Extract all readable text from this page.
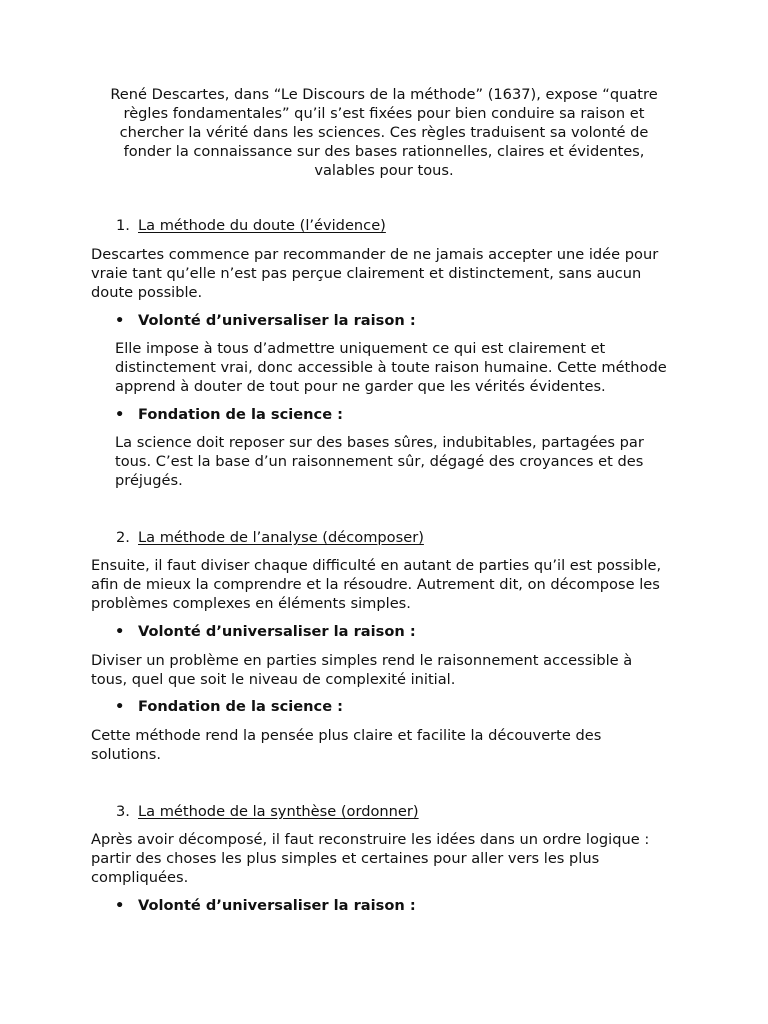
René Descartes, dans “Le Discours de la méthode” (1637), expose “quatre
règles fondamentales” qu’il s’est fixées pour bien conduire sa raison et
chercher la vérité dans les sciences. Ces règles traduisent sa volonté de
fonder la connaissance sur des bases rationnelles, claires et évidentes,
valables pour tous.

1. La méthode du doute (l’évidence)

Descartes commence par recommander de ne jamais accepter une idée pour
vraie tant qu’elle n’est pas perçue clairement et distinctement, sans aucun
doute possible.

• Volonté d’universaliser la raison :

Elle impose à tous d’admettre uniquement ce qui est clairement et
distinctement vrai, donc accessible à toute raison humaine. Cette méthode
apprend à douter de tout pour ne garder que les vérités évidentes.

• Fondation de la science :

La science doit reposer sur des bases sûres, indubitables, partagées par
tous. C’est la base d’un raisonnement sûr, dégagé des croyances et des
préjugés.

2. La méthode de l’analyse (décomposer)

Ensuite, il faut diviser chaque difficulté en autant de parties qu’il est possible,
afin de mieux la comprendre et la résoudre. Autrement dit, on décompose les
problèmes complexes en éléments simples.

• Volonté d’universaliser la raison :

Diviser un problème en parties simples rend le raisonnement accessible à
tous, quel que soit le niveau de complexité initial.

• Fondation de la science :

Cette méthode rend la pensée plus claire et facilite la découverte des
solutions.

3. La méthode de la synthèse (ordonner)

Après avoir décomposé, il faut reconstruire les idées dans un ordre logique :
partir des choses les plus simples et certaines pour aller vers les plus
compliquées.

• Volonté d’universaliser la raison :
